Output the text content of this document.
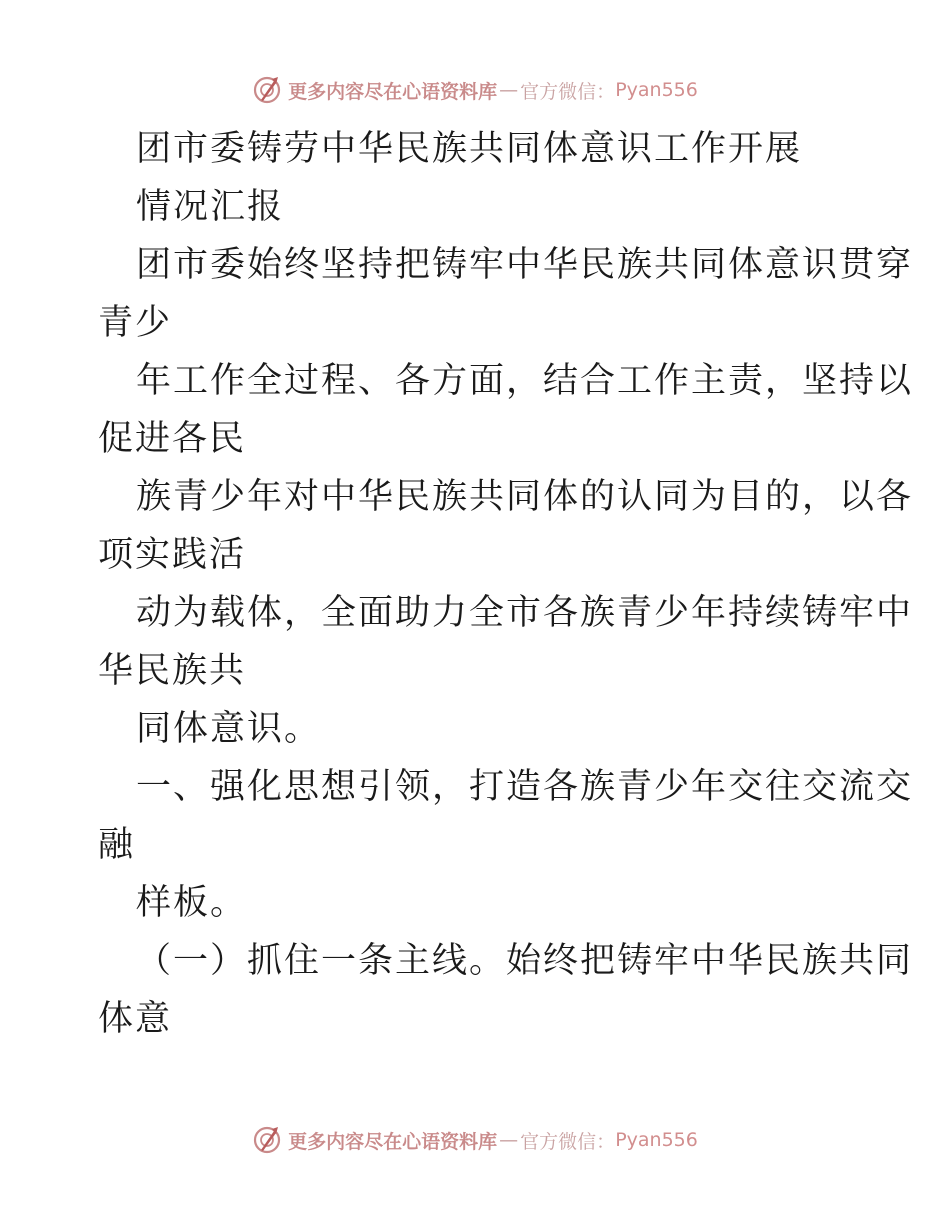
更多内容尽在心语资料库 — 官方微信： Pyan556
团市委铸劳中华民族共同体意识工作开展
情况汇报
团市委始终坚持把铸牢中华民族共同体意识贯穿
青少
年工作全过程、各方面，结合工作主责，坚持以
促进各民
族青少年对中华民族共同体的认同为目的，以各
项实践活
动为载体，全面助力全市各族青少年持续铸牢中
华民族共
同体意识。
一、强化思想引领，打造各族青少年交往交流交
融
样板。
（一）抓住一条主线。始终把铸牢中华民族共同
体意
更多内容尽在心语资料库 — 官方微信： Pyan556
